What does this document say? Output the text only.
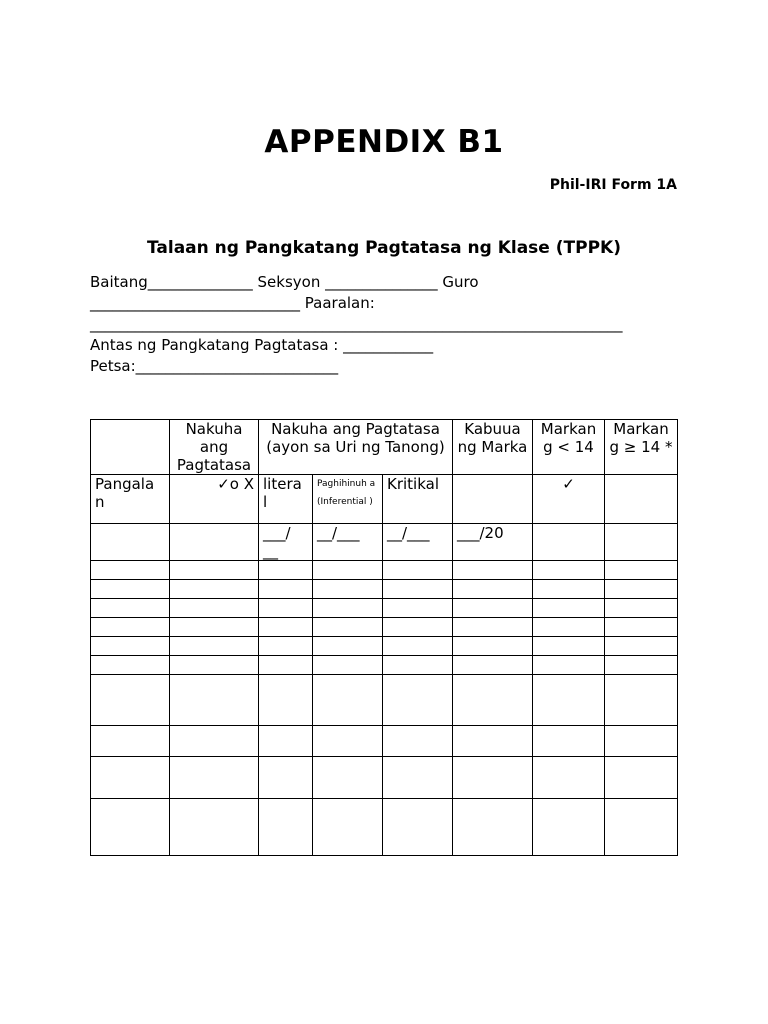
APPENDIX B1
Phil-IRI Form 1A
Talaan ng Pangkatang Pagtatasa ng Klase (TPPK)
Baitang______________ Seksyon _______________ Guro
____________________________ Paaralan:
_______________________________________________________________________
Antas ng Pangkatang Pagtatasa : ____________
Petsa:___________________________
	Nakuha ang Pagtatasa	Nakuha ang Pagtatasa (ayon sa Uri ng Tanong)			Kabuua ng Marka	Markan g < 14	Markan g ≥ 14 *
Pangala n	✓o X	litera l	Paghihinuh a (Inferential )	Kritikal		✓	
		___/ __	__/___	__/___	___/20		
